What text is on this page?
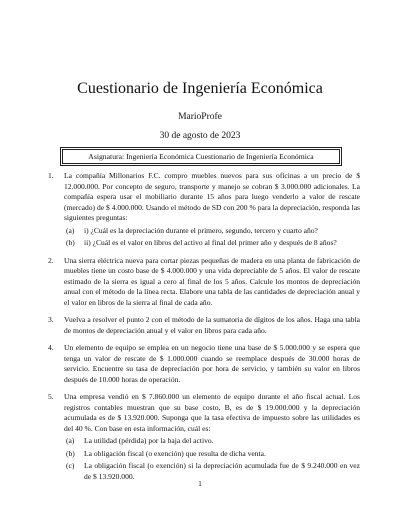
Cuestionario de Ingeniería Económica
MarioProfe
30 de agosto de 2023
Asignatura: Ingeniería Económica Cuestionario de Ingeniería Económica
1. La compañía Millonarios F.C. compro muebles nuevos para sus oficinas a un precio de $ 12.000.000. Por concepto de seguro, transporte y manejo se cobran $ 3.000.000 adicionales. La compañía espera usar el mobiliario durante 15 años para luego venderlo a valor de rescate (mercado) de $ 4.000.000. Usando el método de SD con 200 % para la depreciación, responda las siguientes preguntas:
(a) i) ¿Cuál es la depreciación durante el primero, segundo, tercero y cuarto año?
(b) ii) ¿Cuál es el valor en libros del activo al final del primer año y después de 8 años?
2. Una sierra eléctrica nueva para cortar piezas pequeñas de madera en una planta de fabricación de muebles tiene un costo base de $ 4.000.000 y una vida depreciable de 5 años. El valor de rescate estimado de la sierra es igual a cero al final de los 5 años. Calcule los montos de depreciación anual con el método de la línea recta. Elabore una tabla de las cantidades de depreciación anual y el valor en libros de la sierra al final de cada año.
3. Vuelva a resolver el punto 2 con el método de la sumatoria de dígitos de los años. Haga una tabla de montos de depreciación anual y el valor en libros para cada año.
4. Un elemento de equipo se emplea en un negocio tiene una base de $ 5.000.000 y se espera que tenga un valor de rescate de $ 1.000.000 cuando se reemplace después de 30.000 horas de servicio. Encuentre su tasa de depreciación por hora de servicio, y también su valor en libros después de 10.000 horas de operación.
5. Una empresa vendió en $ 7.860.000 un elemento de equipo durante el año fiscal actual. Los registros contables muestran que su base costo, B, es de $ 19.000.000 y la depreciación acumulada es de $ 13.920.000. Suponga que la tasa efectiva de impuesto sobre las utilidades es del 40 %. Con base en esta información, cuál es:
(a) La utilidad (pérdida) por la baja del activo.
(b) La obligación fiscal (o exención) que resulta de dicha venta.
(c) La obligación fiscal (o exención) si la depreciación acumulada fue de $ 9.240.000 en vez de $ 13.920.000.
1
